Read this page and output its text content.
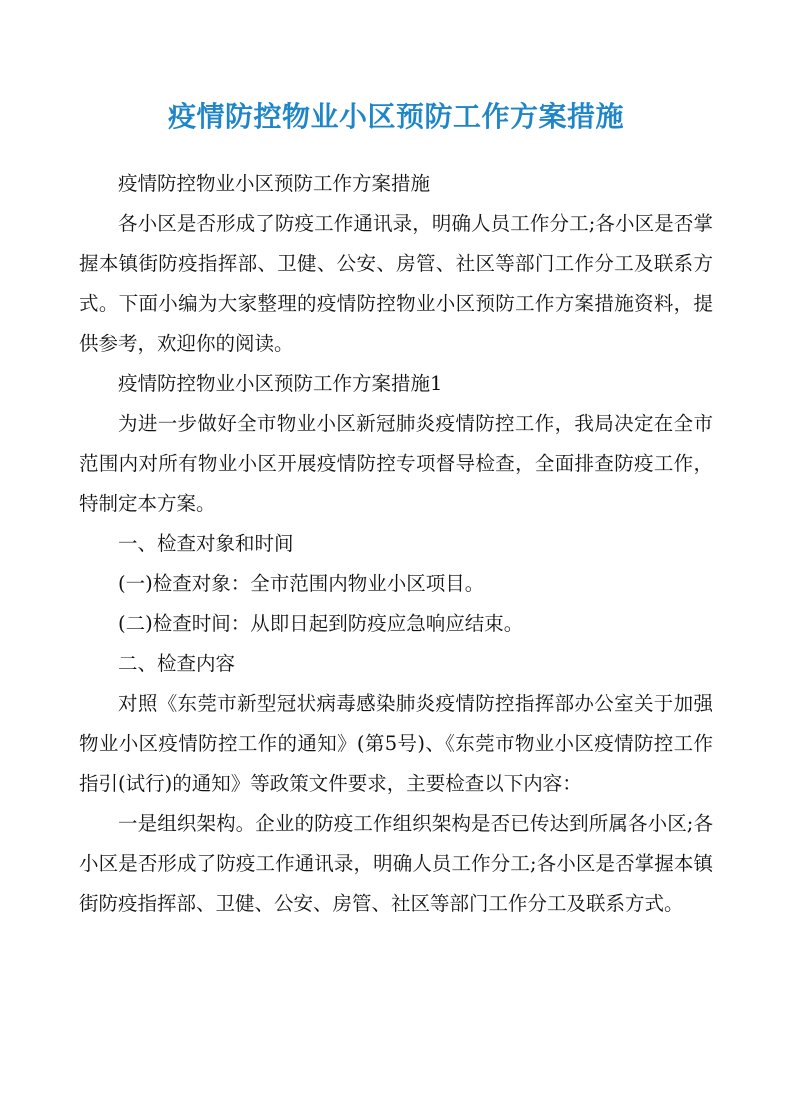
疫情防控物业小区预防工作方案措施

疫情防控物业小区预防工作方案措施

各小区是否形成了防疫工作通讯录，明确人员工作分工;各小区是否掌握本镇街防疫指挥部、卫健、公安、房管、社区等部门工作分工及联系方式。下面小编为大家整理的疫情防控物业小区预防工作方案措施资料，提供参考，欢迎你的阅读。

疫情防控物业小区预防工作方案措施1

为进一步做好全市物业小区新冠肺炎疫情防控工作，我局决定在全市范围内对所有物业小区开展疫情防控专项督导检查，全面排查防疫工作，特制定本方案。

一、检查对象和时间

(一)检查对象：全市范围内物业小区项目。

(二)检查时间：从即日起到防疫应急响应结束。

二、检查内容

对照《东莞市新型冠状病毒感染肺炎疫情防控指挥部办公室关于加强物业小区疫情防控工作的通知》(第5号)、《东莞市物业小区疫情防控工作指引(试行)的通知》等政策文件要求，主要检查以下内容：

一是组织架构。企业的防疫工作组织架构是否已传达到所属各小区;各小区是否形成了防疫工作通讯录，明确人员工作分工;各小区是否掌握本镇街防疫指挥部、卫健、公安、房管、社区等部门工作分工及联系方式。
